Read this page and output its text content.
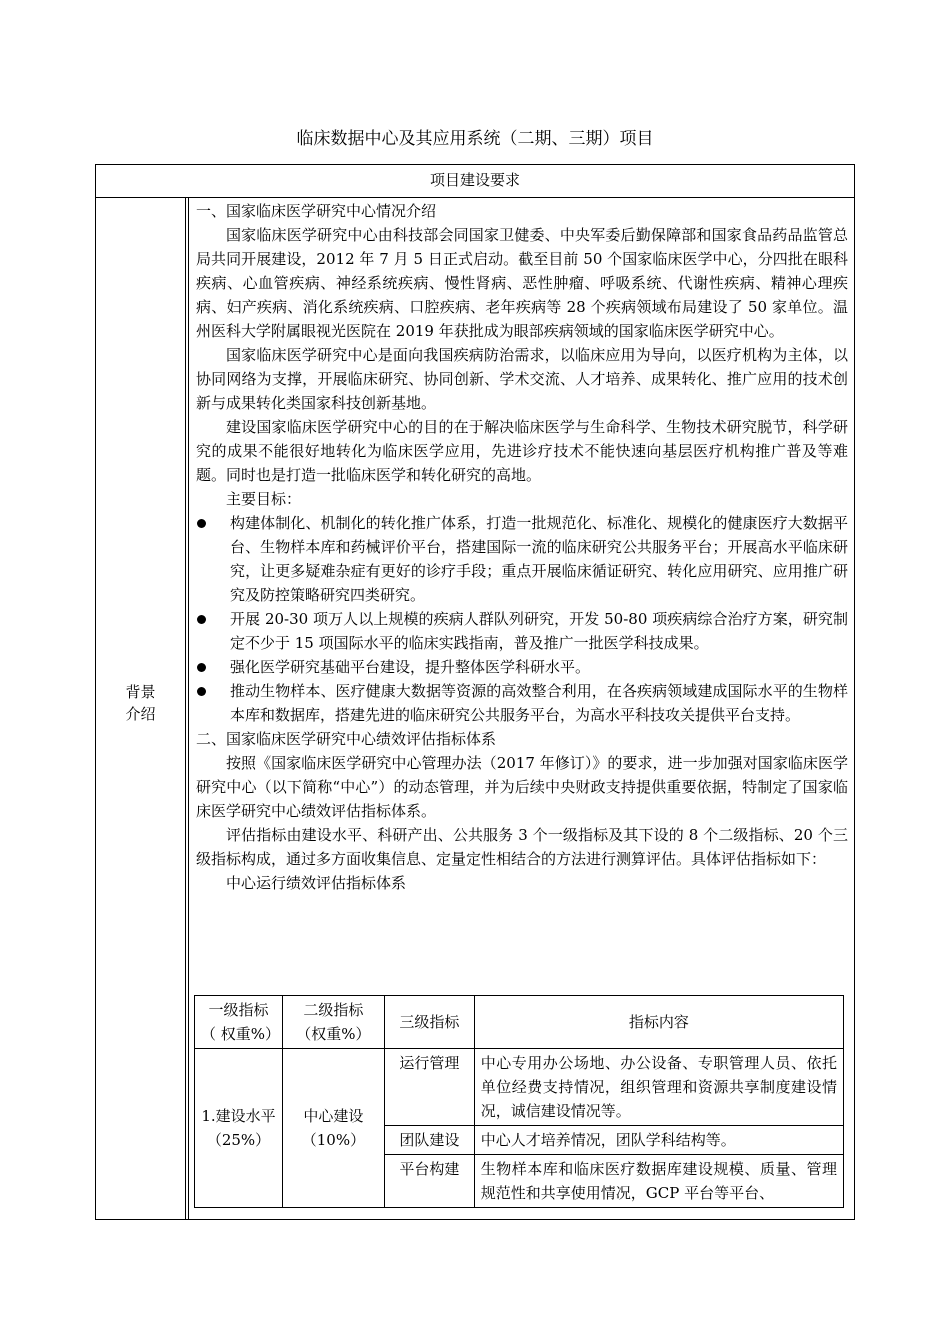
临床数据中心及其应用系统（二期、三期）项目
项目建设要求
背景
介绍

一、国家临床医学研究中心情况介绍

国家临床医学研究中心由科技部会同国家卫健委、中央军委后勤保障部和国家食品药品监管总局共同开展建设，2012 年 7 月 5 日正式启动。截至目前 50 个国家临床医学中心，分四批在眼科疾病、心血管疾病、神经系统疾病、慢性肾病、恶性肿瘤、呼吸系统、代谢性疾病、精神心理疾病、妇产疾病、消化系统疾病、口腔疾病、老年疾病等 28 个疾病领域布局建设了 50 家单位。温州医科大学附属眼视光医院在 2019 年获批成为眼部疾病领域的国家临床医学研究中心。

国家临床医学研究中心是面向我国疾病防治需求，以临床应用为导向，以医疗机构为主体，以协同网络为支撑，开展临床研究、协同创新、学术交流、人才培养、成果转化、推广应用的技术创新与成果转化类国家科技创新基地。

建设国家临床医学研究中心的目的在于解决临床医学与生命科学、生物技术研究脱节，科学研究的成果不能很好地转化为临床医学应用，先进诊疗技术不能快速向基层医疗机构推广普及等难题。同时也是打造一批临床医学和转化研究的高地。

主要目标：

构建体制化、机制化的转化推广体系，打造一批规范化、标准化、规模化的健康医疗大数据平台、生物样本库和药械评价平台，搭建国际一流的临床研究公共服务平台；开展高水平临床研究，让更多疑难杂症有更好的诊疗手段；重点开展临床循证研究、转化应用研究、应用推广研究及防控策略研究四类研究。
开展 20-30 项万人以上规模的疾病人群队列研究，开发 50-80 项疾病综合治疗方案，研究制定不少于 15 项国际水平的临床实践指南，普及推广一批医学科技成果。
强化医学研究基础平台建设，提升整体医学科研水平。
推动生物样本、医疗健康大数据等资源的高效整合利用，在各疾病领域建成国际水平的生物样本库和数据库，搭建先进的临床研究公共服务平台，为高水平科技攻关提供平台支持。

二、国家临床医学研究中心绩效评估指标体系

按照《国家临床医学研究中心管理办法（2017 年修订）》的要求，进一步加强对国家临床医学研究中心（以下简称“中心”）的动态管理，并为后续中央财政支持提供重要依据，特制定了国家临床医学研究中心绩效评估指标体系。

评估指标由建设水平、科研产出、公共服务 3 个一级指标及其下设的 8 个二级指标、20 个三级指标构成，通过多方面收集信息、定量定性相结合的方法进行测算评估。具体评估指标如下：

中心运行绩效评估指标体系

一级指标（ 权重%）	二级指标（权重%）	三级指标	指标内容
1.建设水平（25%）	中心建设（10%）	运行管理	中心专用办公场地、办公设备、专职管理人员、依托单位经费支持情况，组织管理和资源共享制度建设情况，诚信建设情况等。
		团队建设	中心人才培养情况，团队学科结构等。
		平台构建	生物样本库和临床医疗数据库建设规模、质量、管理规范性和共享使用情况，GCP 平台等平台、
